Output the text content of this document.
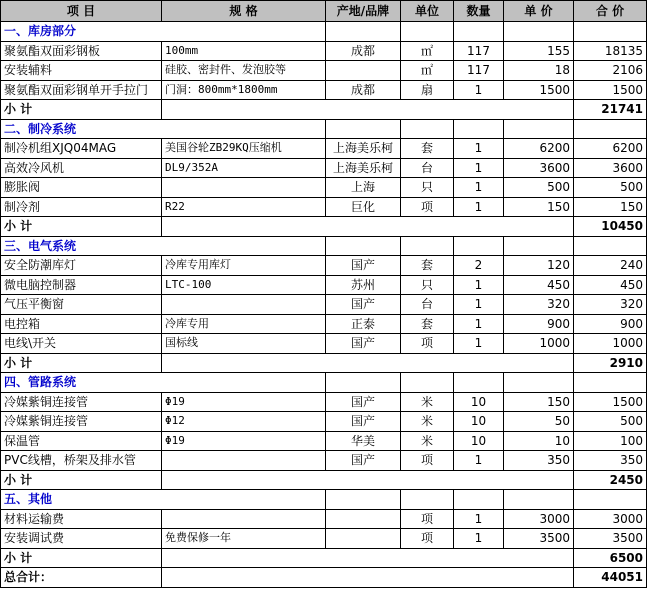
项 目	规 格	产地/品牌	单位	数量	单 价	合 价
一、库房部分						
聚氨酯双面彩钢板	100mm	成都	㎡	117	155	18135
安装辅料	硅胶、密封件、发泡胶等		㎡	117	18	2106
聚氨酯双面彩钢单开手拉门	门洞：800mm*1800mm	成都	扇	1	1500	1500
小 计						21741
二、制冷系统						
制冷机组XJQ04MAG	美国谷轮ZB29KQ压缩机	上海美乐柯	套	1	6200	6200
高效冷风机	DL9/352A	上海美乐柯	台	1	3600	3600
膨胀阀		上海	只	1	500	500
制冷剂	R22	巨化	项	1	150	150
小 计						10450
三、电气系统						
安全防潮库灯	冷库专用库灯	国产	套	2	120	240
微电脑控制器	LTC-100	苏州	只	1	450	450
气压平衡窗		国产	台	1	320	320
电控箱	冷库专用	正泰	套	1	900	900
电线\开关	国标线	国产	项	1	1000	1000
小 计						2910
四、管路系统						
冷媒紫铜连接管	Φ19	国产	米	10	150	1500
冷媒紫铜连接管	Φ12	国产	米	10	50	500
保温管	Φ19	华美	米	10	10	100
PVC线槽，桥架及排水管		国产	项	1	350	350
小 计						2450
五、其他						
材料运输费			项	1	3000	3000
安装调试费	免费保修一年		项	1	3500	3500
小 计						6500
总合计：						44051
